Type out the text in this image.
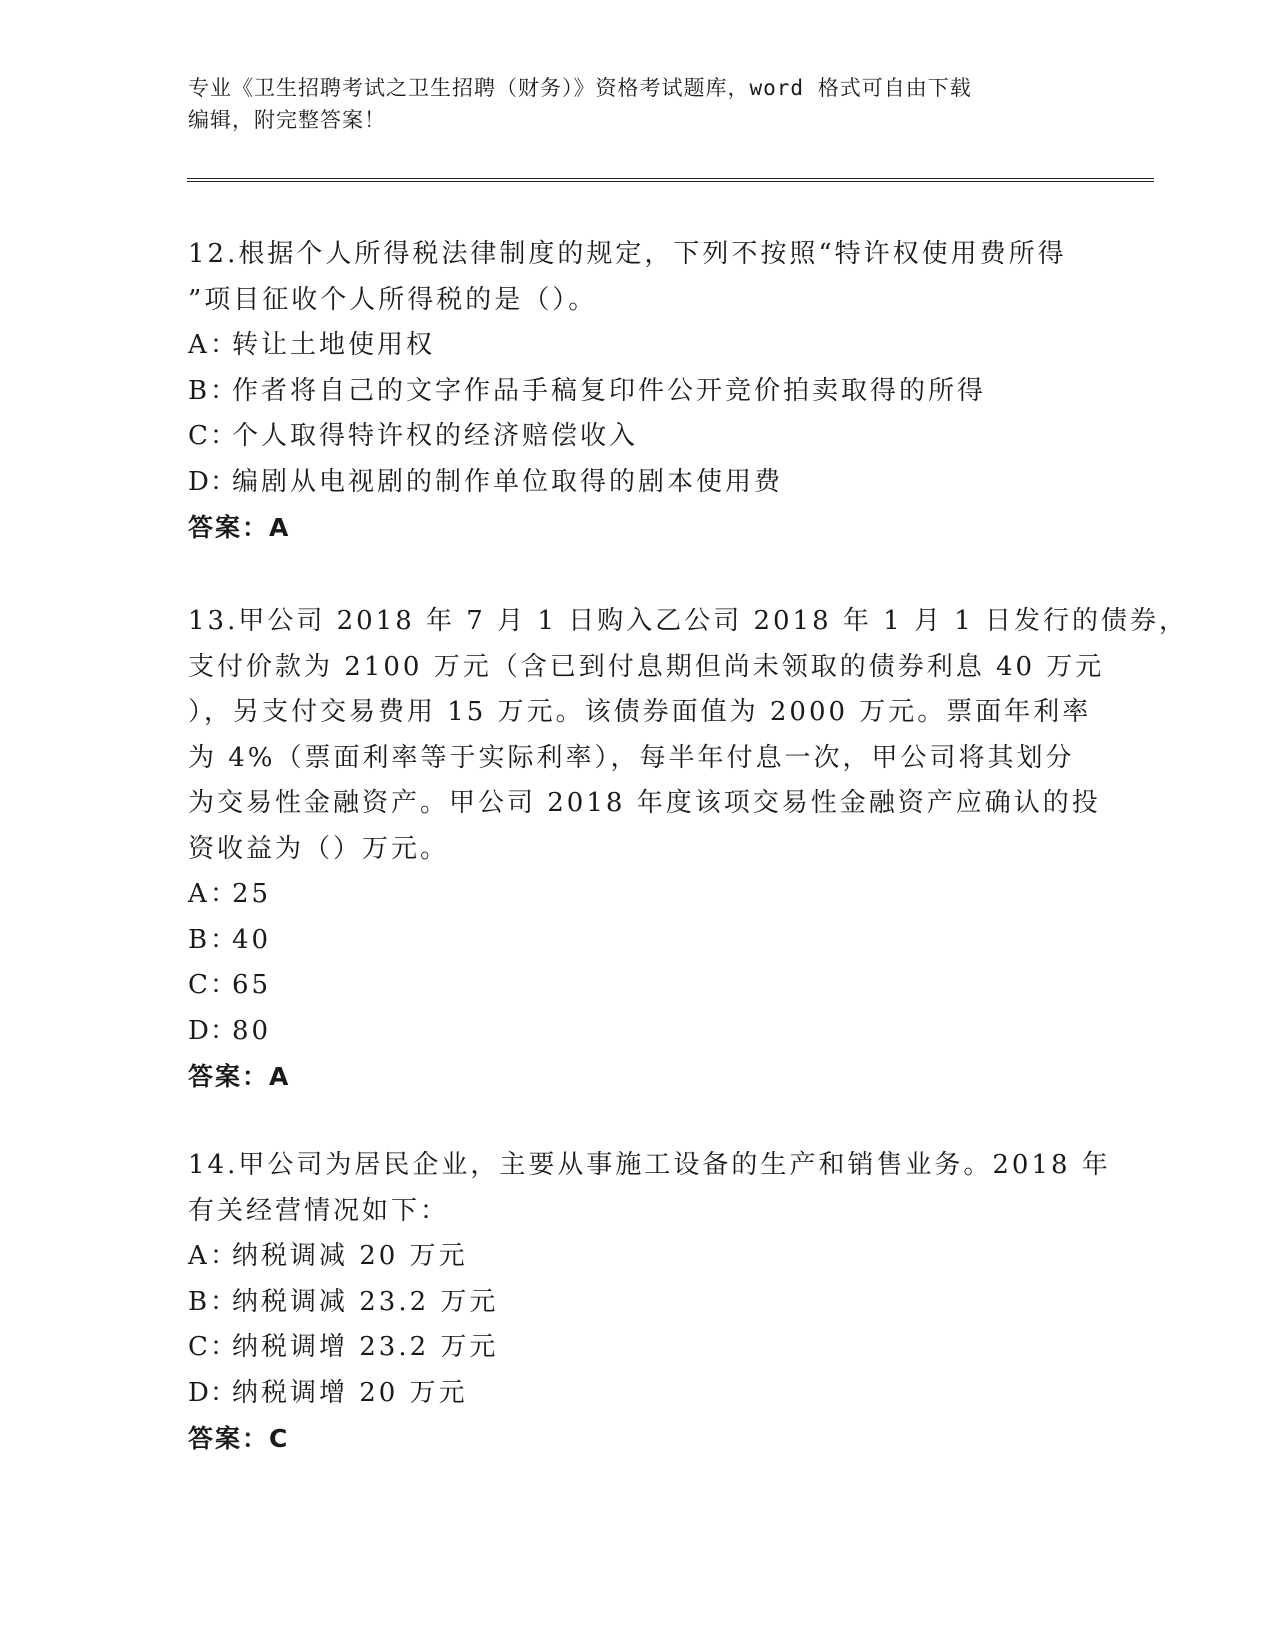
专业《卫生招聘考试之卫生招聘（财务）》资格考试题库，word 格式可自由下载
编辑，附完整答案！
12.根据个人所得税法律制度的规定，下列不按照“特许权使用费所得
”项目征收个人所得税的是（）。
A：转让土地使用权
B：作者将自己的文字作品手稿复印件公开竞价拍卖取得的所得
C：个人取得特许权的经济赔偿收入
D：编剧从电视剧的制作单位取得的剧本使用费
答案：A
13.甲公司 2018 年 7 月 1 日购入乙公司 2018 年 1 月 1 日发行的债券，
支付价款为 2100 万元（含已到付息期但尚未领取的债券利息 40 万元
），另支付交易费用 15 万元。该债券面值为 2000 万元。票面年利率
为 4%（票面利率等于实际利率），每半年付息一次，甲公司将其划分
为交易性金融资产。甲公司 2018 年度该项交易性金融资产应确认的投
资收益为（）万元。
A：25
B：40
C：65
D：80
答案：A
14.甲公司为居民企业，主要从事施工设备的生产和销售业务。2018 年
有关经营情况如下：
A：纳税调减 20 万元
B：纳税调减 23.2 万元
C：纳税调增 23.2 万元
D：纳税调增 20 万元
答案：C
